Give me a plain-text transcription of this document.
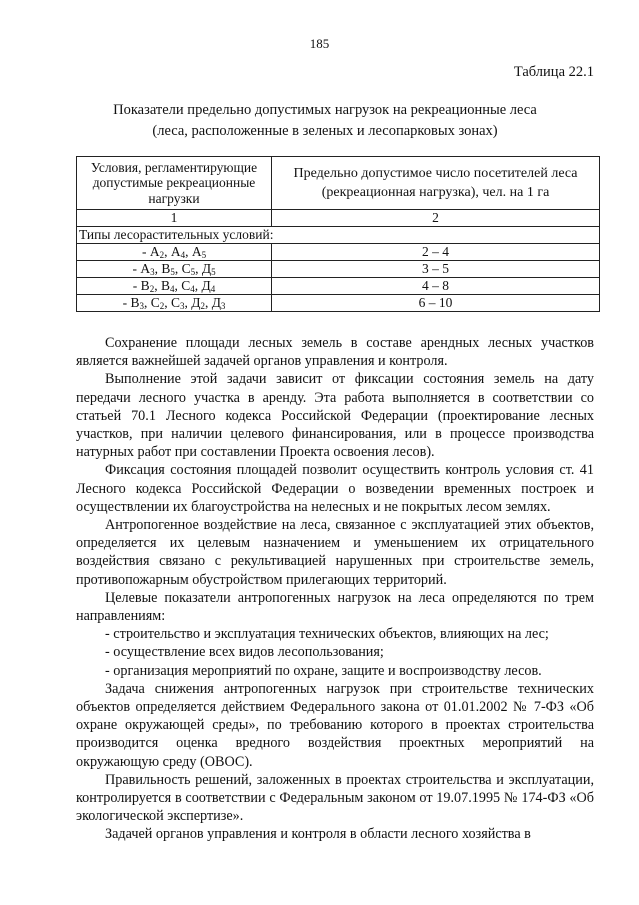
185
Таблица 22.1
Показатели предельно допустимых нагрузок на рекреационные леса
(леса, расположенные в зеленых и лесопарковых зонах)
Условия, регламентирующие допустимые рекреационные нагрузки	Предельно допустимое число посетителей леса (рекреационная нагрузка), чел. на 1 га
1	2
Типы лесорастительных условий:	
- $А_2$, $А_4$, $А_5$	2 – 4
- $А_3$, $В_5$, $С_5$, $Д_5$	3 – 5
- $В_2$, $В_4$, $С_4$, $Д_4$	4 – 8
- $В_3$, $С_2$, $С_3$, $Д_2$, $Д_3$	6 – 10

Сохранение площади лесных земель в составе арендных лесных участков является важнейшей задачей органов управления и контроля.

Выполнение этой задачи зависит от фиксации состояния земель на дату передачи лесного участка в аренду. Эта работа выполняется в соответствии со статьей 70.1 Лесного кодекса Российской Федерации (проектирование лесных участков, при наличии целевого финансирования, или в процессе производства натурных работ при составлении Проекта освоения лесов).

Фиксация состояния площадей позволит осуществить контроль условия ст. 41 Лесного кодекса Российской Федерации о возведении временных построек и осуществлении их благоустройства на нелесных и не покрытых лесом землях.

Антропогенное воздействие на леса, связанное с эксплуатацией этих объектов, определяется их целевым назначением и уменьшением их отрицательного воздействия связано с рекультивацией нарушенных при строительстве земель, противопожарным обустройством прилегающих территорий.

Целевые показатели антропогенных нагрузок на леса определяются по трем направлениям:

- строительство и эксплуатация технических объектов, влияющих на лес;

- осуществление всех видов лесопользования;

- организация мероприятий по охране, защите и воспроизводству лесов.

Задача снижения антропогенных нагрузок при строительстве технических объектов определяется действием Федерального закона от 01.01.2002 № 7-ФЗ «Об охране окружающей среды», по требованию которого в проектах строительства производится оценка вредного воздействия проектных мероприятий на окружающую среду (ОВОС).

Правильность решений, заложенных в проектах строительства и эксплуатации, контролируется в соответствии с Федеральным законом от 19.07.1995 № 174-ФЗ «Об экологической экспертизе».

Задачей органов управления и контроля в области лесного хозяйства в
